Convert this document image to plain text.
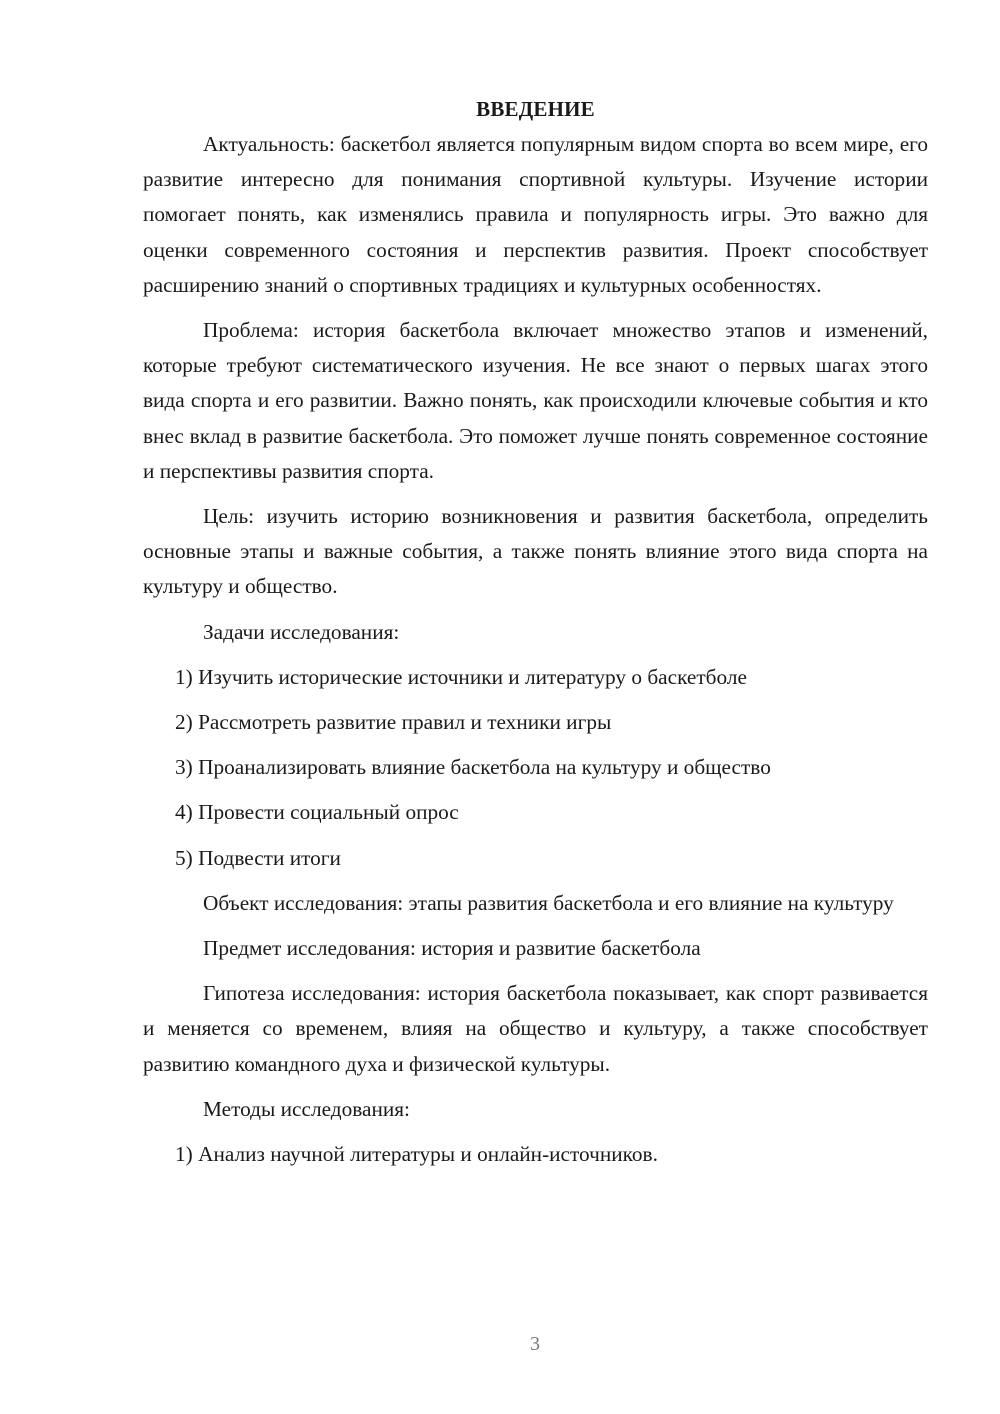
ВВЕДЕНИЕ

Актуальность: баскетбол является популярным видом спорта во всем мире, его развитие интересно для понимания спортивной культуры. Изучение истории помогает понять, как изменялись правила и популярность игры. Это важно для оценки современного состояния и перспектив развития. Проект способствует расширению знаний о спортивных традициях и культурных особенностях.

Проблема: история баскетбола включает множество этапов и изменений, которые требуют систематического изучения. Не все знают о первых шагах этого вида спорта и его развитии. Важно понять, как происходили ключевые события и кто внес вклад в развитие баскетбола. Это поможет лучше понять современное состояние и перспективы развития спорта.

Цель: изучить историю возникновения и развития баскетбола, определить основные этапы и важные события, а также понять влияние этого вида спорта на культуру и общество.

Задачи исследования:

1) Изучить исторические источники и литературу о баскетболе

2) Рассмотреть развитие правил и техники игры

3) Проанализировать влияние баскетбола на культуру и общество

4) Провести социальный опрос

5) Подвести итоги

Объект исследования: этапы развития баскетбола и его влияние на культуру

Предмет исследования: история и развитие баскетбола

Гипотеза исследования: история баскетбола показывает, как спорт развивается и меняется со временем, влияя на общество и культуру, а также способствует развитию командного духа и физической культуры.

Методы исследования:

1) Анализ научной литературы и онлайн-источников.

3
